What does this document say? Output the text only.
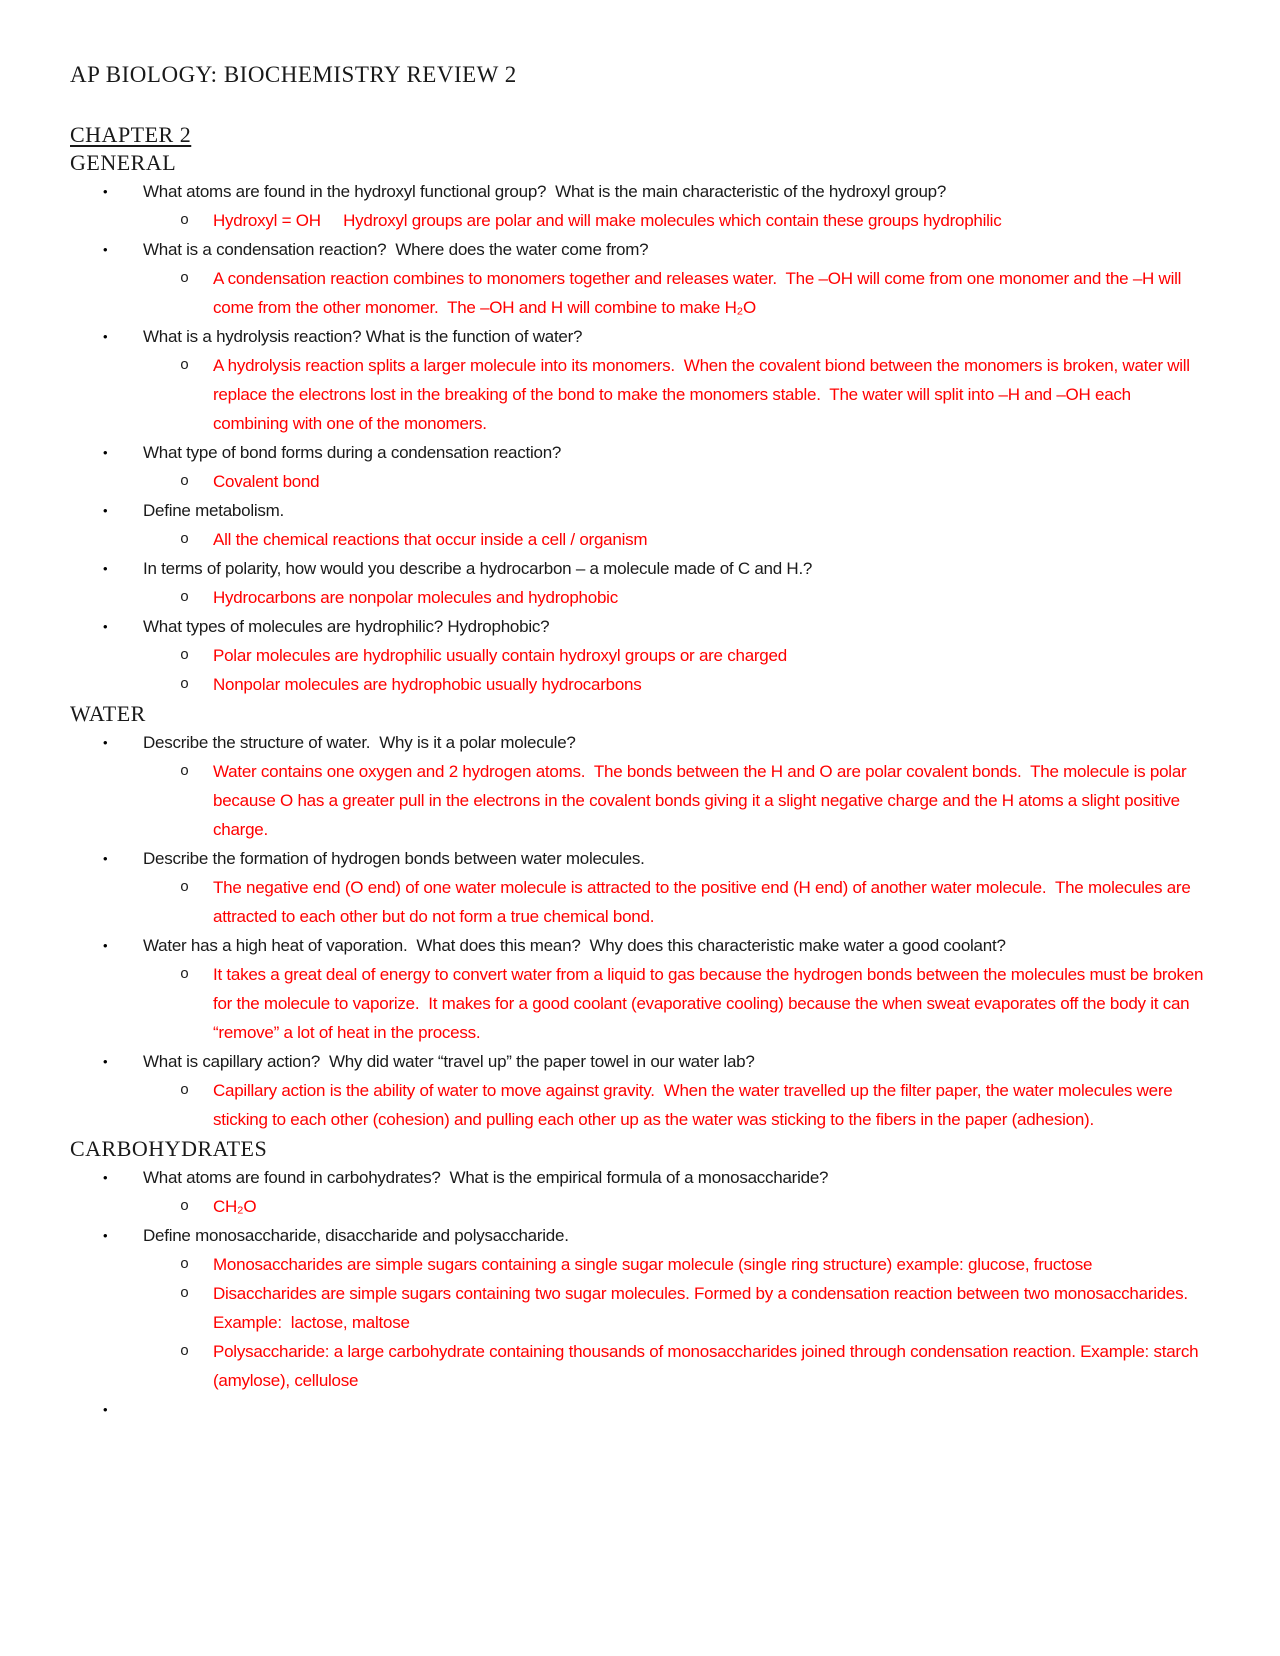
AP BIOLOGY: BIOCHEMISTRY REVIEW 2
CHAPTER 2
GENERAL
•	What atoms are found in the hydroxyl functional group?  What is the main characteristic of the hydroxyl group?
o	Hydroxyl = OH     Hydroxyl groups are polar and will make molecules which contain these groups hydrophilic
•	What is a condensation reaction?  Where does the water come from?
o	A condensation reaction combines to monomers together and releases water.  The –OH will come from one monomer and the –H will come from the other monomer.  The –OH and H will combine to make H₂O
•	What is a hydrolysis reaction? What is the function of water?
o	A hydrolysis reaction splits a larger molecule into its monomers.  When the covalent biond between the monomers is broken, water will replace the electrons lost in the breaking of the bond to make the monomers stable.  The water will split into –H and –OH each combining with one of the monomers.
•	What type of bond forms during a condensation reaction?
o	Covalent bond
•	Define metabolism.
o	All the chemical reactions that occur inside a cell / organism
•	In terms of polarity, how would you describe a hydrocarbon – a molecule made of C and H.?
o	Hydrocarbons are nonpolar molecules and hydrophobic
•	What types of molecules are hydrophilic? Hydrophobic?
o	Polar molecules are hydrophilic usually contain hydroxyl groups or are charged
o	Nonpolar molecules are hydrophobic usually hydrocarbons
WATER
•	Describe the structure of water.  Why is it a polar molecule?
o	Water contains one oxygen and 2 hydrogen atoms.  The bonds between the H and O are polar covalent bonds.  The molecule is polar because O has a greater pull in the electrons in the covalent bonds giving it a slight negative charge and the H atoms a slight positive charge.
•	Describe the formation of hydrogen bonds between water molecules.
o	The negative end (O end) of one water molecule is attracted to the positive end (H end) of another water molecule.  The molecules are attracted to each other but do not form a true chemical bond.
•	Water has a high heat of vaporation.  What does this mean?  Why does this characteristic make water a good coolant?
o	It takes a great deal of energy to convert water from a liquid to gas because the hydrogen bonds between the molecules must be broken for the molecule to vaporize.  It makes for a good coolant (evaporative cooling) because the when sweat evaporates off the body it can “remove” a lot of heat in the process.
•	What is capillary action?  Why did water “travel up” the paper towel in our water lab?
o	Capillary action is the ability of water to move against gravity.  When the water travelled up the filter paper, the water molecules were sticking to each other (cohesion) and pulling each other up as the water was sticking to the fibers in the paper (adhesion).
CARBOHYDRATES
•	What atoms are found in carbohydrates?  What is the empirical formula of a monosaccharide?
o	CH₂O
•	Define monosaccharide, disaccharide and polysaccharide.
o	Monosaccharides are simple sugars containing a single sugar molecule (single ring structure) example: glucose, fructose
o	Disaccharides are simple sugars containing two sugar molecules. Formed by a condensation reaction between two monosaccharides. Example:  lactose, maltose
o	Polysaccharide: a large carbohydrate containing thousands of monosaccharides joined through condensation reaction. Example: starch (amylose), cellulose
•
